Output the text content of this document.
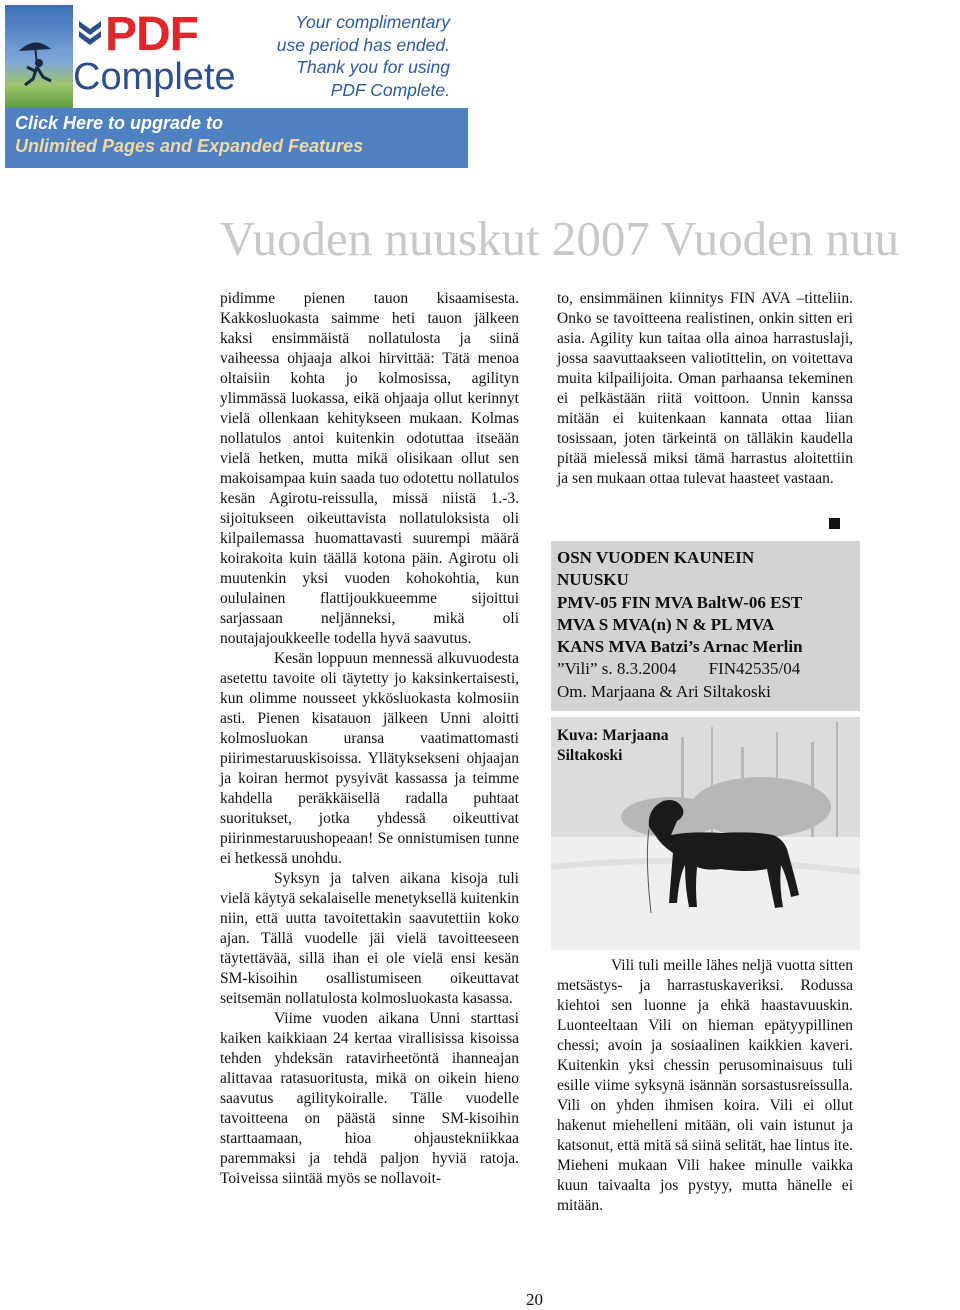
PDF
Complete
Your complimentary
use period has ended.
Thank you for using
PDF Complete.
Click Here to upgrade to
Unlimited Pages and Expanded Features
Vuoden nuuskut 2007 Vuoden nuu

pidimme pienen tauon kisaamisesta. Kakkosluokasta saimme heti tauon jälkeen kaksi ensimmäistä nollatulosta ja siinä vaiheessa ohjaaja alkoi hirvittää: Tätä menoa oltaisiin kohta jo kolmosissa, agilityn ylimmässä luokassa, eikä ohjaaja ollut kerinnyt vielä ollenkaan kehitykseen mukaan. Kolmas nollatulos antoi kuitenkin odotuttaa itseään vielä hetken, mutta mikä olisikaan ollut sen makoisampaa kuin saada tuo odotettu nollatulos kesän Agirotu-reissulla, missä niistä 1.-3. sijoitukseen oikeuttavista nollatuloksista oli kilpailemassa huomattavasti suurempi määrä koirakoita kuin täällä kotona päin. Agirotu oli muutenkin yksi vuoden kohokohtia, kun oululainen flattijoukkueemme sijoittui sarjassaan neljänneksi, mikä oli noutajajoukkeelle todella hyvä saavutus.

Kesän loppuun mennessä alkuvuodesta asetettu tavoite oli täytetty jo kaksinkertaisesti, kun olimme nousseet ykkösluokasta kolmosiin asti. Pienen kisatauon jälkeen Unni aloitti kolmosluokan uransa vaatimattomasti piirimestaruuskisoissa. Yllätyksekseni ohjaajan ja koiran hermot pysyivät kassassa ja teimme kahdella peräkkäisellä radalla puhtaat suoritukset, jotka yhdessä oikeuttivat piirinmestaruushopeaan! Se onnistumisen tunne ei hetkessä unohdu.

Syksyn ja talven aikana kisoja tuli vielä käytyä sekalaiselle menetyksellä kuitenkin niin, että uutta tavoitettakin saavutettiin koko ajan. Tällä vuodelle jäi vielä tavoitteeseen täytettävää, sillä ihan ei ole vielä ensi kesän SM-kisoihin osallistumiseen oikeuttavat seitsemän nollatulosta kolmosluokasta kasassa.

Viime vuoden aikana Unni starttasi kaiken kaikkiaan 24 kertaa virallisissa kisoissa tehden yhdeksän ratavirheetöntä ihanneajan alittavaa ratasuoritusta, mikä on oikein hieno saavutus agilitykoiralle. Tälle vuodelle tavoitteena on päästä sinne SM-kisoihin starttaamaan, hioa ohjaustekniikkaa paremmaksi ja tehdä paljon hyviä ratoja. Toiveissa siintää myös se nollavoit-

to, ensimmäinen kiinnitys FIN AVA –titteliin. Onko se tavoitteena realistinen, onkin sitten eri asia. Agility kun taitaa olla ainoa harrastuslaji, jossa saavuttaakseen valiotittelin, on voitettava muita kilpailijoita. Oman parhaansa tekeminen ei pelkästään riitä voittoon. Unnin kanssa mitään ei kuitenkaan kannata ottaa liian tosissaan, joten tärkeintä on tälläkin kaudella pitää mielessä miksi tämä harrastus aloitettiin ja sen mukaan ottaa tulevat haasteet vastaan.

OSN VUODEN KAUNEIN
NUUSKU
PMV-05 FIN MVA BaltW-06 EST
MVA S MVA(n) N & PL MVA
KANS MVA Batzi’s Arnac Merlin
”Vili” s. 8.3.2004 FIN42535/04
Om. Marjaana & Ari Siltakoski
Kuva: Marjaana
Siltakoski

Vili tuli meille lähes neljä vuotta sitten metsästys- ja harrastuskaveriksi. Rodussa kiehtoi sen luonne ja ehkä haastavuuskin. Luonteeltaan Vili on hieman epätyypillinen chessi; avoin ja sosiaalinen kaikkien kaveri. Kuitenkin yksi chessin perusominaisuus tuli esille viime syksynä isännän sorsastusreissulla. Vili on yhden ihmisen koira. Vili ei ollut hakenut miehelleni mitään, oli vain istunut ja katsonut, että mitä sä siinä selität, hae lintus ite. Mieheni mukaan Vili hakee minulle vaikka kuun taivaalta jos pystyy, mutta hänelle ei mitään.

20
